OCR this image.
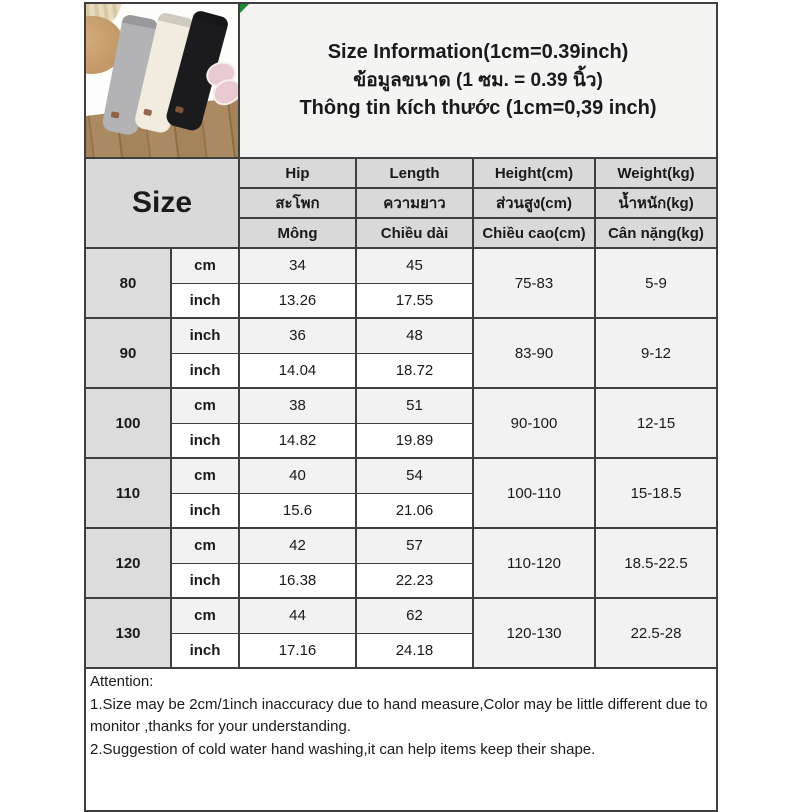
		Size Information(1cm=0.39inch)
ข้อมูลขนาด (1 ซม. = 0.39 นิ้ว)
Thông tin kích thước (1cm=0,39 inch)			

Size		Hip	Length	Height(cm)	Weight(kg)
		สะโพก	ความยาว	ส่วนสูง(cm)	น้ำหนัก(kg)
		Mông	Chiều dài	Chiều cao(cm)	Cân nặng(kg)
80	cm	34	45	75-83	5-9
	inch	13.26	17.55		
90	inch	36	48	83-90	9-12
	inch	14.04	18.72		
100	cm	38	51	90-100	12-15
	inch	14.82	19.89		
110	cm	40	54	100-110	15-18.5
	inch	15.6	21.06		
120	cm	42	57	110-120	18.5-22.5
	inch	16.38	22.23		
130	cm	44	62	120-130	22.5-28
	inch	17.16	24.18		

Attention:
1.Size may be 2cm/1inch inaccuracy due to hand measure,Color may be little different due to monitor ,thanks for your understanding.
2.Suggestion of cold water hand washing,it can help items keep their shape.					
